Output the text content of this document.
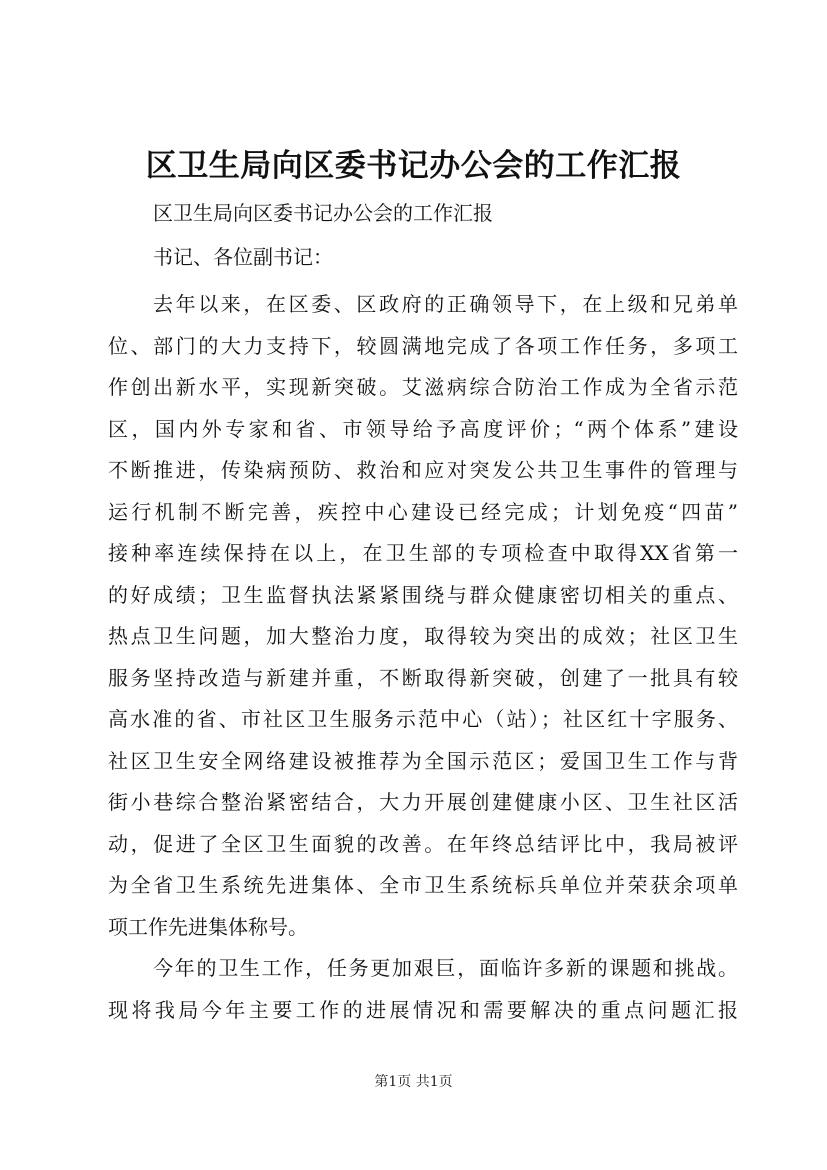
区卫生局向区委书记办公会的工作汇报
区卫生局向区委书记办公会的工作汇报
书记、各位副书记：
去年以来，在区委、区政府的正确领导下，在上级和兄弟单
位、部门的大力支持下，较圆满地完成了各项工作任务，多项工
作创出新水平，实现新突破。艾滋病综合防治工作成为全省示范
区，国内外专家和省、市领导给予高度评价；“两个体系”建设
不断推进，传染病预防、救治和应对突发公共卫生事件的管理与
运行机制不断完善，疾控中心建设已经完成；计划免疫“四苗”
接种率连续保持在以上，在卫生部的专项检查中取得XX省第一
的好成绩；卫生监督执法紧紧围绕与群众健康密切相关的重点、
热点卫生问题，加大整治力度，取得较为突出的成效；社区卫生
服务坚持改造与新建并重，不断取得新突破，创建了一批具有较
高水准的省、市社区卫生服务示范中心（站）；社区红十字服务、
社区卫生安全网络建设被推荐为全国示范区；爱国卫生工作与背
街小巷综合整治紧密结合，大力开展创建健康小区、卫生社区活
动，促进了全区卫生面貌的改善。在年终总结评比中，我局被评
为全省卫生系统先进集体、全市卫生系统标兵单位并荣获余项单
项工作先进集体称号。
今年的卫生工作，任务更加艰巨，面临许多新的课题和挑战。
现将我局今年主要工作的进展情况和需要解决的重点问题汇报
第1页 共1页
